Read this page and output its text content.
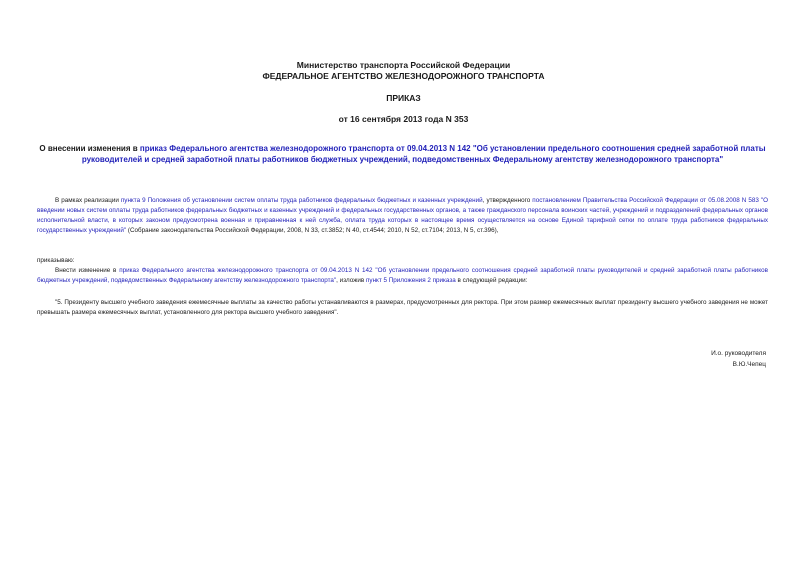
Министерство транспорта Российской Федерации
ФЕДЕРАЛЬНОЕ АГЕНТСТВО ЖЕЛЕЗНОДОРОЖНОГО ТРАНСПОРТА
ПРИКАЗ
от 16 сентября 2013 года N 353
О внесении изменения в приказ Федерального агентства железнодорожного транспорта от 09.04.2013 N 142 "Об установлении предельного соотношения средней заработной платы руководителей и средней заработной платы работников бюджетных учреждений, подведомственных Федеральному агентству железнодорожного транспорта"
В рамках реализации пункта 9 Положения об установлении систем оплаты труда работников федеральных бюджетных и казенных учреждений, утвержденного постановлением Правительства Российской Федерации от 05.08.2008 N 583 "О введении новых систем оплаты труда работников федеральных бюджетных и казенных учреждений и федеральных государственных органов, а также гражданского персонала воинских частей, учреждений и подразделений федеральных органов исполнительной власти, в которых законом предусмотрена военная и приравненная к ней служба, оплата труда которых в настоящее время осуществляется на основе Единой тарифной сетки по оплате труда работников федеральных государственных учреждений" (Собрание законодательства Российской Федерации, 2008, N 33, ст.3852; N 40, ст.4544; 2010, N 52, ст.7104; 2013, N 5, ст.396),
приказываю:
Внести изменение в приказ Федерального агентства железнодорожного транспорта от 09.04.2013 N 142 "Об установлении предельного соотношения средней заработной платы руководителей и средней заработной платы работников бюджетных учреждений, подведомственных Федеральному агентству железнодорожного транспорта", изложив пункт 5 Приложения 2 приказа в следующей редакции:
"5. Президенту высшего учебного заведения ежемесячные выплаты за качество работы устанавливаются в размерах, предусмотренных для ректора. При этом размер ежемесячных выплат президенту высшего учебного заведения не может превышать размера ежемесячных выплат, установленного для ректора высшего учебного заведения".
И.о. руководителя
В.Ю.Чепец
